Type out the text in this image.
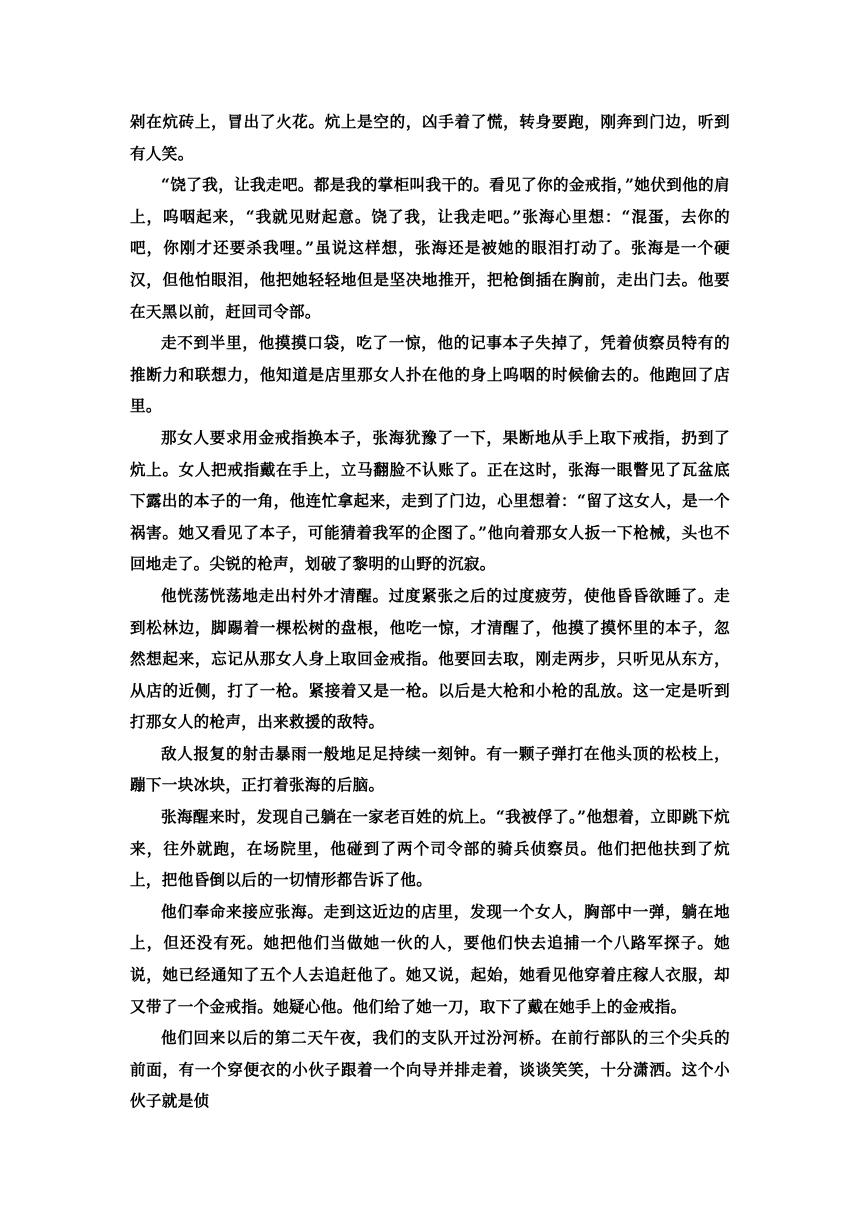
剁在炕砖上，冒出了火花。炕上是空的，凶手着了慌，转身要跑，刚奔到门边，听到有人笑。

“饶了我，让我走吧。都是我的掌柜叫我干的。看见了你的金戒指，”她伏到他的肩上，呜咽起来，“我就见财起意。饶了我，让我走吧。”张海心里想：“混蛋，去你的吧，你刚才还要杀我哩。”虽说这样想，张海还是被她的眼泪打动了。张海是一个硬汉，但他怕眼泪，他把她轻轻地但是坚决地推开，把枪倒插在胸前，走出门去。他要在天黑以前，赶回司令部。

走不到半里，他摸摸口袋，吃了一惊，他的记事本子失掉了，凭着侦察员特有的推断力和联想力，他知道是店里那女人扑在他的身上呜咽的时候偷去的。他跑回了店里。

那女人要求用金戒指换本子，张海犹豫了一下，果断地从手上取下戒指，扔到了炕上。女人把戒指戴在手上，立马翻脸不认账了。正在这时，张海一眼瞥见了瓦盆底下露出的本子的一角，他连忙拿起来，走到了门边，心里想着：“留了这女人，是一个祸害。她又看见了本子，可能猜着我军的企图了。”他向着那女人扳一下枪械，头也不回地走了。尖锐的枪声，划破了黎明的山野的沉寂。

他恍荡恍荡地走出村外才清醒。过度紧张之后的过度疲劳，使他昏昏欲睡了。走到松林边，脚踢着一棵松树的盘根，他吃一惊，才清醒了，他摸了摸怀里的本子，忽然想起来，忘记从那女人身上取回金戒指。他要回去取，刚走两步，只听见从东方，从店的近侧，打了一枪。紧接着又是一枪。以后是大枪和小枪的乱放。这一定是听到打那女人的枪声，出来救援的敌特。

敌人报复的射击暴雨一般地足足持续一刻钟。有一颗子弹打在他头顶的松枝上，蹦下一块冰块，正打着张海的后脑。

张海醒来时，发现自己躺在一家老百姓的炕上。“我被俘了。”他想着，立即跳下炕来，往外就跑，在场院里，他碰到了两个司令部的骑兵侦察员。他们把他扶到了炕上，把他昏倒以后的一切情形都告诉了他。

他们奉命来接应张海。走到这近边的店里，发现一个女人，胸部中一弹，躺在地上，但还没有死。她把他们当做她一伙的人，要他们快去追捕一个八路军探子。她说，她已经通知了五个人去追赶他了。她又说，起始，她看见他穿着庄稼人衣服，却又带了一个金戒指。她疑心他。他们给了她一刀，取下了戴在她手上的金戒指。

他们回来以后的第二天午夜，我们的支队开过汾河桥。在前行部队的三个尖兵的前面，有一个穿便衣的小伙子跟着一个向导并排走着，谈谈笑笑，十分潇洒。这个小伙子就是侦
